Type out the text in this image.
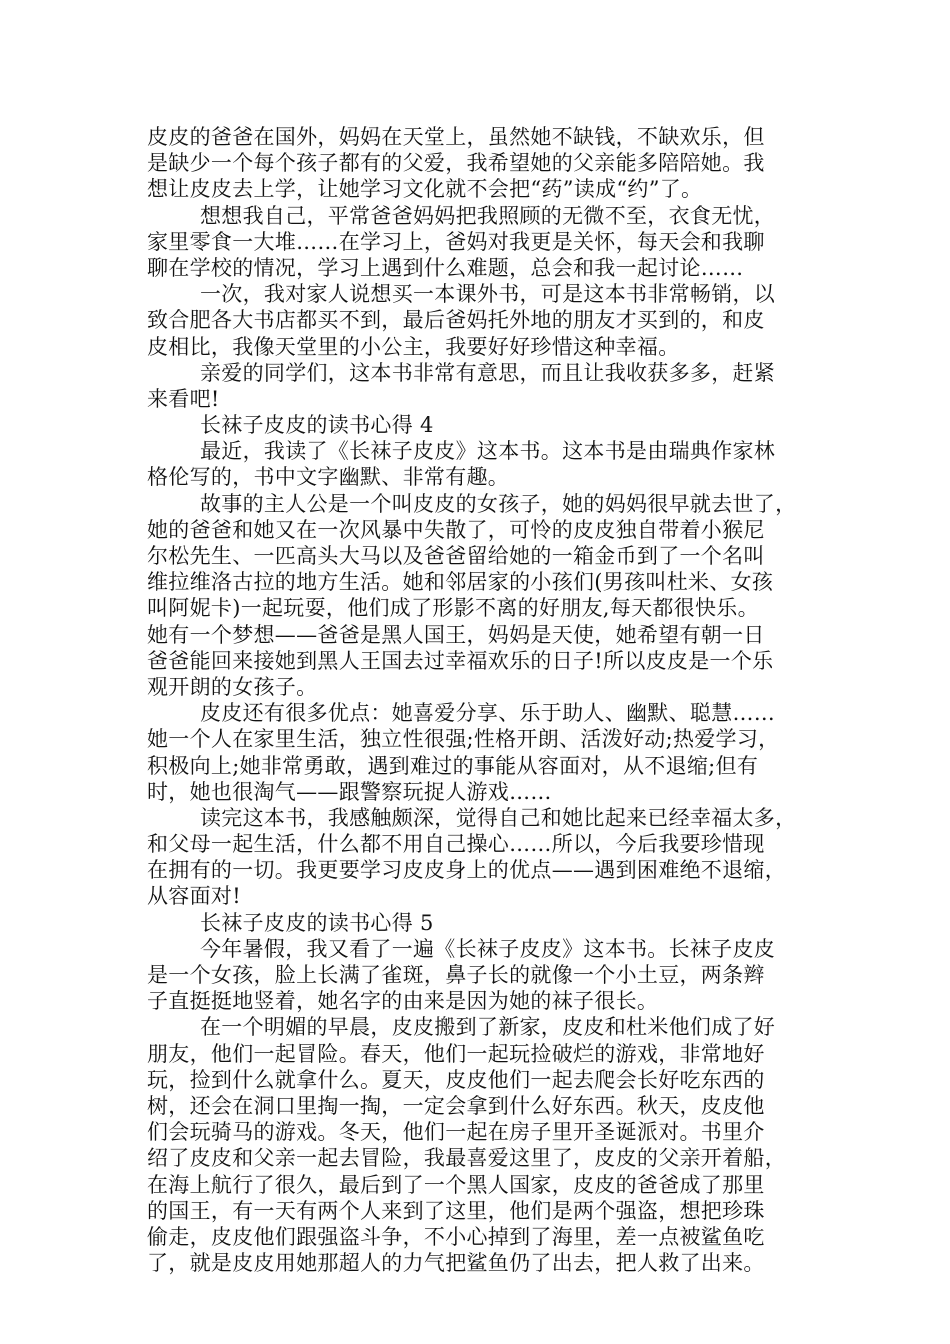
皮皮的爸爸在国外，妈妈在天堂上，虽然她不缺钱，不缺欢乐，但
是缺少一个每个孩子都有的父爱，我希望她的父亲能多陪陪她。我
想让皮皮去上学，让她学习文化就不会把“药”读成“约”了。
想想我自己，平常爸爸妈妈把我照顾的无微不至，衣食无忧，
家里零食一大堆……在学习上，爸妈对我更是关怀，每天会和我聊
聊在学校的情况，学习上遇到什么难题，总会和我一起讨论……
一次，我对家人说想买一本课外书，可是这本书非常畅销，以
致合肥各大书店都买不到，最后爸妈托外地的朋友才买到的，和皮
皮相比，我像天堂里的小公主，我要好好珍惜这种幸福。
亲爱的同学们，这本书非常有意思，而且让我收获多多，赶紧
来看吧!
长袜子皮皮的读书心得 4
最近，我读了《长袜子皮皮》这本书。这本书是由瑞典作家林
格伦写的，书中文字幽默、非常有趣。
故事的主人公是一个叫皮皮的女孩子，她的妈妈很早就去世了，
她的爸爸和她又在一次风暴中失散了，可怜的皮皮独自带着小猴尼
尔松先生、一匹高头大马以及爸爸留给她的一箱金币到了一个名叫
维拉维洛古拉的地方生活。她和邻居家的小孩们(男孩叫杜米、女孩
叫阿妮卡)一起玩耍，他们成了形影不离的好朋友,每天都很快乐。
她有一个梦想——爸爸是黑人国王，妈妈是天使，她希望有朝一日
爸爸能回来接她到黑人王国去过幸福欢乐的日子!所以皮皮是一个乐
观开朗的女孩子。
皮皮还有很多优点：她喜爱分享、乐于助人、幽默、聪慧……
她一个人在家里生活，独立性很强;性格开朗、活泼好动;热爱学习，
积极向上;她非常勇敢，遇到难过的事能从容面对，从不退缩;但有
时，她也很淘气——跟警察玩捉人游戏……
读完这本书，我感触颇深，觉得自己和她比起来已经幸福太多，
和父母一起生活，什么都不用自己操心……所以，今后我要珍惜现
在拥有的一切。我更要学习皮皮身上的优点——遇到困难绝不退缩，
从容面对!
长袜子皮皮的读书心得 5
今年暑假，我又看了一遍《长袜子皮皮》这本书。长袜子皮皮
是一个女孩，脸上长满了雀斑，鼻子长的就像一个小土豆，两条辫
子直挺挺地竖着，她名字的由来是因为她的袜子很长。
在一个明媚的早晨，皮皮搬到了新家，皮皮和杜米他们成了好
朋友，他们一起冒险。春天，他们一起玩捡破烂的游戏，非常地好
玩，捡到什么就拿什么。夏天，皮皮他们一起去爬会长好吃东西的
树，还会在洞口里掏一掏，一定会拿到什么好东西。秋天，皮皮他
们会玩骑马的游戏。冬天，他们一起在房子里开圣诞派对。书里介
绍了皮皮和父亲一起去冒险，我最喜爱这里了，皮皮的父亲开着船，
在海上航行了很久，最后到了一个黑人国家，皮皮的爸爸成了那里
的国王，有一天有两个人来到了这里，他们是两个强盗，想把珍珠
偷走，皮皮他们跟强盗斗争，不小心掉到了海里，差一点被鲨鱼吃
了，就是皮皮用她那超人的力气把鲨鱼仍了出去，把人救了出来。
